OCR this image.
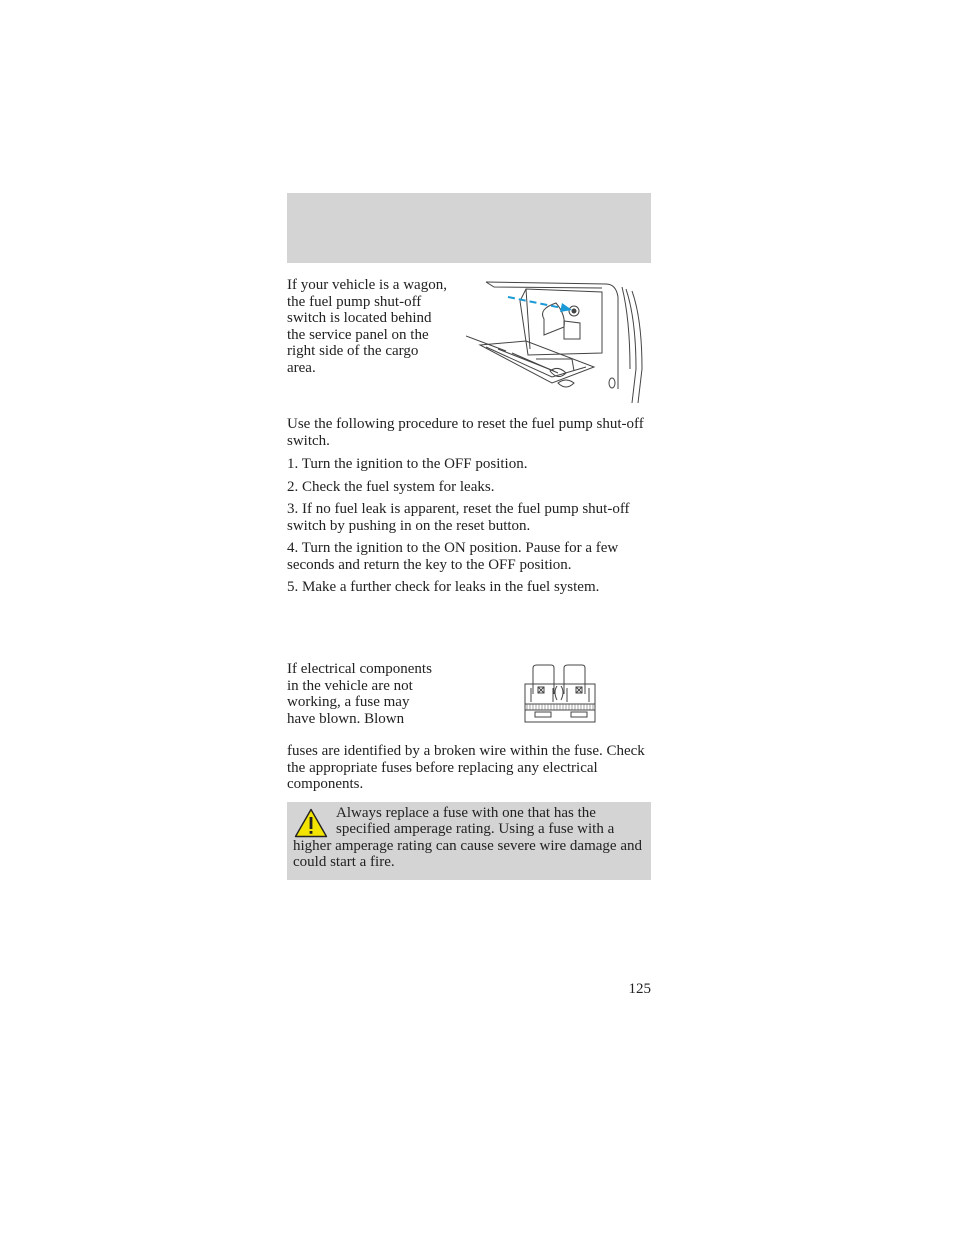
If your vehicle is a wagon, the fuel pump shut-off switch is located behind the service panel on the right side of the cargo area.

Use the following procedure to reset the fuel pump shut-off switch.

1. Turn the ignition to the OFF position.

2. Check the fuel system for leaks.

3. If no fuel leak is apparent, reset the fuel pump shut-off switch by pushing in on the reset button.

4. Turn the ignition to the ON position. Pause for a few seconds and return the key to the OFF position.

5. Make a further check for leaks in the fuel system.

If electrical components in the vehicle are not working, a fuse may have blown. Blown
fuses are identified by a broken wire within the fuse. Check the appropriate fuses before replacing any electrical components.

Always replace a fuse with one that has the specified amperage rating. Using a fuse with a higher amperage rating can cause severe wire damage and could start a fire.

125
